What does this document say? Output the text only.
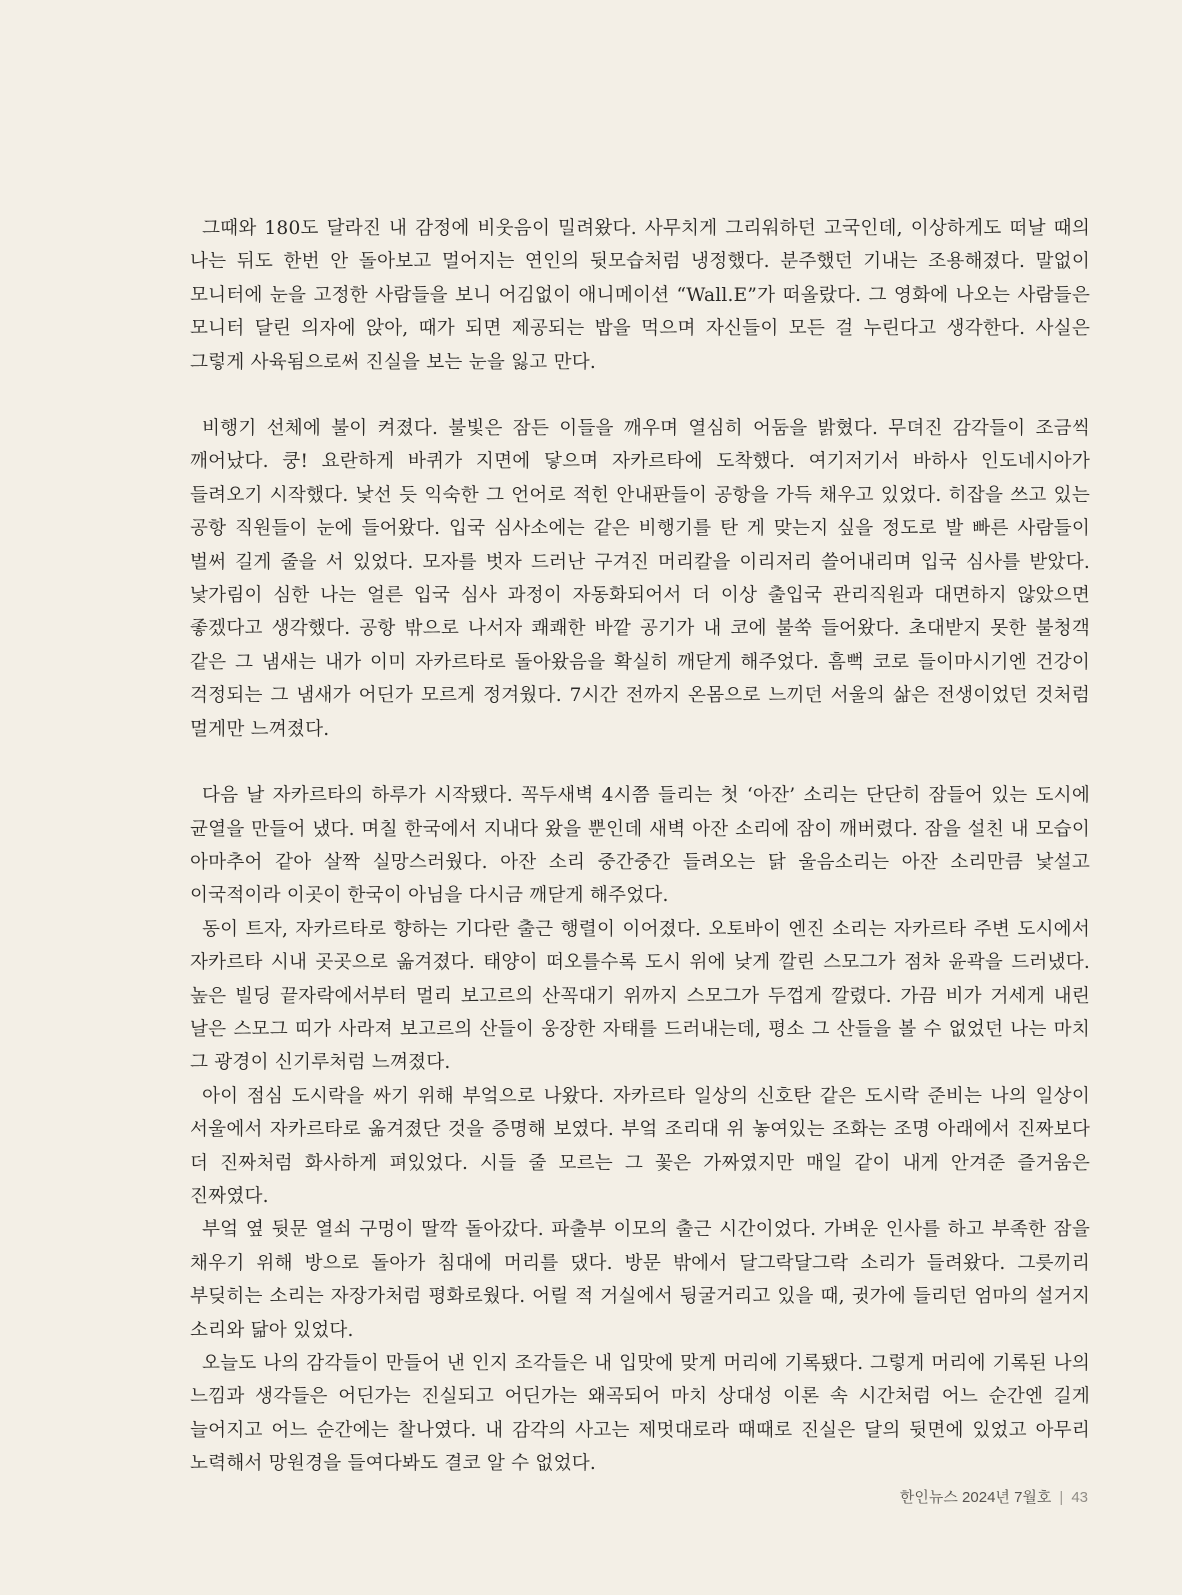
그때와 180도 달라진 내 감정에 비웃음이 밀려왔다. 사무치게 그리워하던 고국인데, 이상하게도 떠날 때의 나는 뒤도 한번 안 돌아보고 멀어지는 연인의 뒷모습처럼 냉정했다. 분주했던 기내는 조용해졌다. 말없이 모니터에 눈을 고정한 사람들을 보니 어김없이 애니메이션 “Wall.E”가 떠올랐다. 그 영화에 나오는 사람들은 모니터 달린 의자에 앉아, 때가 되면 제공되는 밥을 먹으며 자신들이 모든 걸 누린다고 생각한다. 사실은 그렇게 사육됨으로써 진실을 보는 눈을 잃고 만다.

비행기 선체에 불이 켜졌다. 불빛은 잠든 이들을 깨우며 열심히 어둠을 밝혔다. 무뎌진 감각들이 조금씩 깨어났다. 쿵! 요란하게 바퀴가 지면에 닿으며 자카르타에 도착했다. 여기저기서 바하사 인도네시아가 들려오기 시작했다. 낯선 듯 익숙한 그 언어로 적힌 안내판들이 공항을 가득 채우고 있었다. 히잡을 쓰고 있는 공항 직원들이 눈에 들어왔다. 입국 심사소에는 같은 비행기를 탄 게 맞는지 싶을 정도로 발 빠른 사람들이 벌써 길게 줄을 서 있었다. 모자를 벗자 드러난 구겨진 머리칼을 이리저리 쓸어내리며 입국 심사를 받았다. 낯가림이 심한 나는 얼른 입국 심사 과정이 자동화되어서 더 이상 출입국 관리직원과 대면하지 않았으면 좋겠다고 생각했다. 공항 밖으로 나서자 쾌쾌한 바깥 공기가 내 코에 불쑥 들어왔다. 초대받지 못한 불청객 같은 그 냄새는 내가 이미 자카르타로 돌아왔음을 확실히 깨닫게 해주었다. 흠뻑 코로 들이마시기엔 건강이 걱정되는 그 냄새가 어딘가 모르게 정겨웠다. 7시간 전까지 온몸으로 느끼던 서울의 삶은 전생이었던 것처럼 멀게만 느껴졌다.

다음 날 자카르타의 하루가 시작됐다. 꼭두새벽 4시쯤 들리는 첫 ‘아잔’ 소리는 단단히 잠들어 있는 도시에 균열을 만들어 냈다. 며칠 한국에서 지내다 왔을 뿐인데 새벽 아잔 소리에 잠이 깨버렸다. 잠을 설친 내 모습이 아마추어 같아 살짝 실망스러웠다. 아잔 소리 중간중간 들려오는 닭 울음소리는 아잔 소리만큼 낯설고 이국적이라 이곳이 한국이 아님을 다시금 깨닫게 해주었다.

동이 트자, 자카르타로 향하는 기다란 출근 행렬이 이어졌다. 오토바이 엔진 소리는 자카르타 주변 도시에서 자카르타 시내 곳곳으로 옮겨졌다. 태양이 떠오를수록 도시 위에 낮게 깔린 스모그가 점차 윤곽을 드러냈다. 높은 빌딩 끝자락에서부터 멀리 보고르의 산꼭대기 위까지 스모그가 두껍게 깔렸다. 가끔 비가 거세게 내린 날은 스모그 띠가 사라져 보고르의 산들이 웅장한 자태를 드러내는데, 평소 그 산들을 볼 수 없었던 나는 마치 그 광경이 신기루처럼 느껴졌다.

아이 점심 도시락을 싸기 위해 부엌으로 나왔다. 자카르타 일상의 신호탄 같은 도시락 준비는 나의 일상이 서울에서 자카르타로 옮겨졌단 것을 증명해 보였다. 부엌 조리대 위 놓여있는 조화는 조명 아래에서 진짜보다 더 진짜처럼 화사하게 펴있었다. 시들 줄 모르는 그 꽃은 가짜였지만 매일 같이 내게 안겨준 즐거움은 진짜였다.

부엌 옆 뒷문 열쇠 구멍이 딸깍 돌아갔다. 파출부 이모의 출근 시간이었다. 가벼운 인사를 하고 부족한 잠을 채우기 위해 방으로 돌아가 침대에 머리를 댔다. 방문 밖에서 달그락달그락 소리가 들려왔다. 그릇끼리 부딪히는 소리는 자장가처럼 평화로웠다. 어릴 적 거실에서 뒹굴거리고 있을 때, 귓가에 들리던 엄마의 설거지 소리와 닮아 있었다.

오늘도 나의 감각들이 만들어 낸 인지 조각들은 내 입맛에 맞게 머리에 기록됐다. 그렇게 머리에 기록된 나의 느낌과 생각들은 어딘가는 진실되고 어딘가는 왜곡되어 마치 상대성 이론 속 시간처럼 어느 순간엔 길게 늘어지고 어느 순간에는 찰나였다. 내 감각의 사고는 제멋대로라 때때로 진실은 달의 뒷면에 있었고 아무리 노력해서 망원경을 들여다봐도 결코 알 수 없었다.

한인뉴스 2024년 7월호 | 43
